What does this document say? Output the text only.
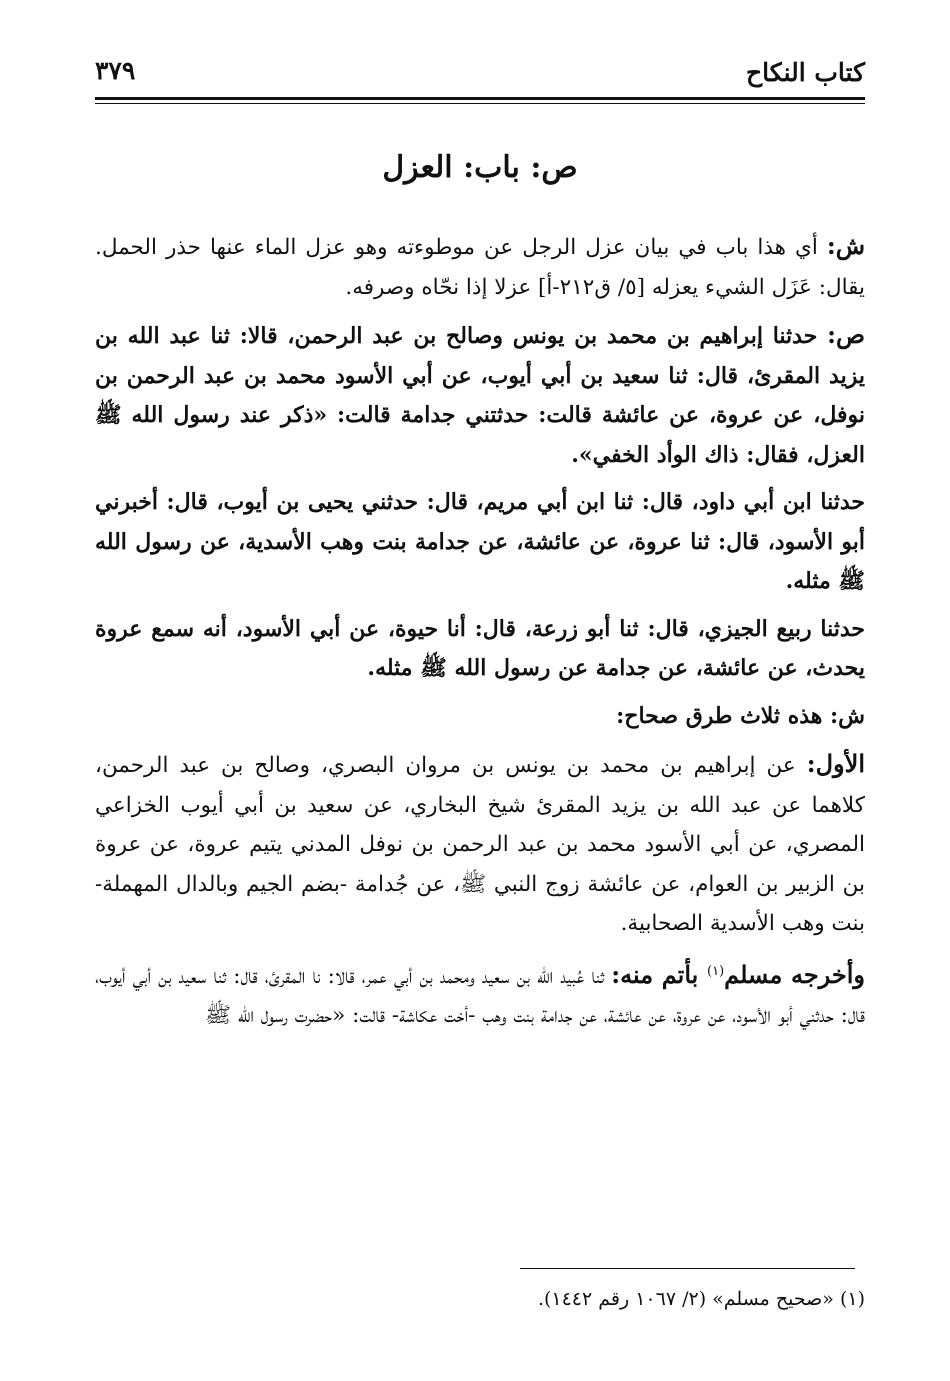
كتاب النكاح
٣٧٩
ص: باب: العزل

ش: أي هذا باب في بيان عزل الرجل عن موطوءته وهو عزل الماء عنها حذر الحمل. يقال: عَزَل الشيء يعزله [٥/ ق٢١٢-أ] عزلا إذا نحّاه وصرفه.

ص: حدثنا إبراهيم بن محمد بن يونس وصالح بن عبد الرحمن، قالا: ثنا عبد الله بن يزيد المقرئ، قال: ثنا سعيد بن أبي أيوب، عن أبي الأسود محمد بن عبد الرحمن بن نوفل، عن عروة، عن عائشة قالت: حدثتني جدامة قالت: «ذكر عند رسول الله ﷺ العزل، فقال: ذاك الوأد الخفي».

حدثنا ابن أبي داود، قال: ثنا ابن أبي مريم، قال: حدثني يحيى بن أيوب، قال: أخبرني أبو الأسود، قال: ثنا عروة، عن عائشة، عن جدامة بنت وهب الأسدية، عن رسول الله ﷺ مثله.

حدثنا ربيع الجيزي، قال: ثنا أبو زرعة، قال: أنا حيوة، عن أبي الأسود، أنه سمع عروة يحدث، عن عائشة، عن جدامة عن رسول الله ﷺ مثله.

ش: هذه ثلاث طرق صحاح:

الأول: عن إبراهيم بن محمد بن يونس بن مروان البصري، وصالح بن عبد الرحمن، كلاهما عن عبد الله بن يزيد المقرئ شيخ البخاري، عن سعيد بن أبي أيوب الخزاعي المصري، عن أبي الأسود محمد بن عبد الرحمن بن نوفل المدني يتيم عروة، عن عروة بن الزبير بن العوام، عن عائشة زوج النبي ﷺ، عن جُدامة -بضم الجيم وبالدال المهملة- بنت وهب الأسدية الصحابية.

وأخرجه مسلم$^{(١)}$ بأتم منه: ثنا عُبيد الله بن سعيد ومحمد بن أبي عمر، قالا: نا المقرئ، قال: ثنا سعيد بن أبي أيوب، قال: حدثني أبو الأسود، عن عروة، عن عائشة، عن جدامة بنت وهب -أخت عكاشة- قالت: «حضرت رسول الله ﷺ

(١) «صحيح مسلم» (٢/ ١٠٦٧ رقم ١٤٤٢).
